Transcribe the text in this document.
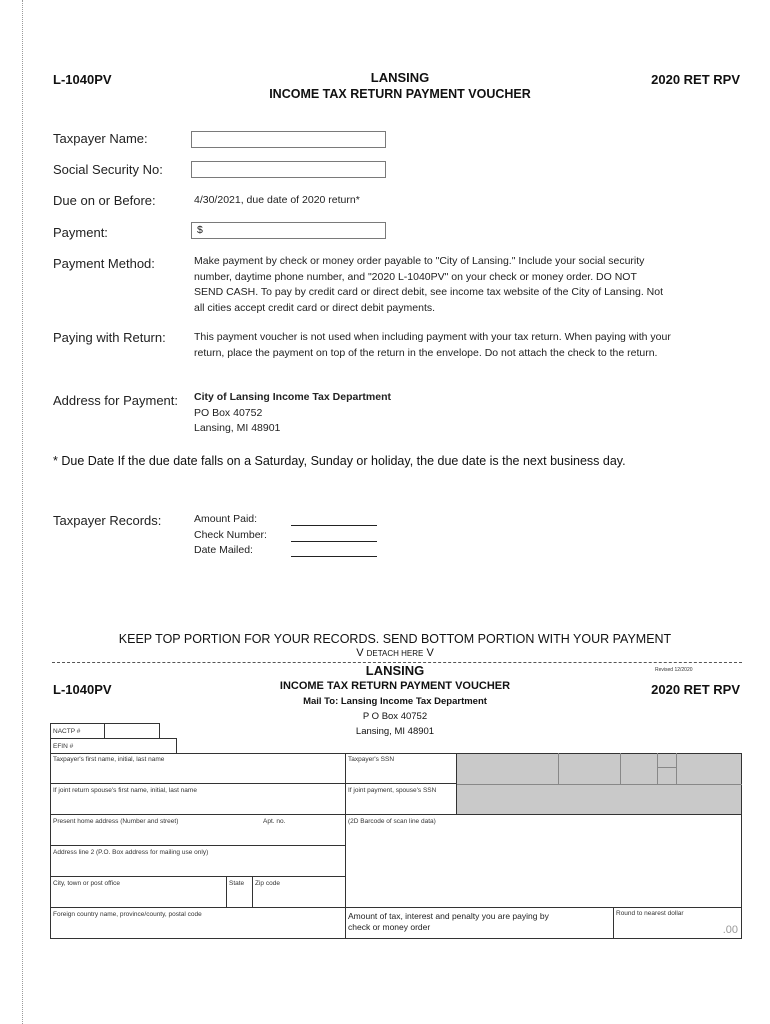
L-1040PV	LANSING
INCOME TAX RETURN PAYMENT VOUCHER
2020 RET RPV
Taxpayer Name:
Social Security No:
Due on or Before:	4/30/2021, due date of 2020 return*
Payment:	$
Payment Method:	Make payment by check or money order payable to "City of Lansing." Include your social security
number, daytime phone number, and "2020 L-1040PV" on your check or money order. DO NOT
SEND CASH. To pay by credit card or direct debit, see income tax website of the City of Lansing. Not
all cities accept credit card or direct debit payments.
Paying with Return:	This payment voucher is not used when including payment with your tax return. When paying with your
return, place the payment on top of the return in the envelope. Do not attach the check to the return.
Address for Payment: City of Lansing Income Tax Department
PO Box 40752
Lansing, MI 48901
* Due Date If the due date falls on a Saturday, Sunday or holiday, the due date is the next business day.
Taxpayer Records:	Amount Paid:
Check Number:
Date Mailed:
KEEP TOP PORTION FOR YOUR RECORDS. SEND BOTTOM PORTION WITH YOUR PAYMENT
V DETACH HERE V
LANSING	Revised 12/2020
L-1040PV	INCOME TAX RETURN PAYMENT VOUCHER	2020 RET RPV
Mail To: Lansing Income Tax Department
P O Box 40752
Lansing, MI 48901
NACTP #
EFIN #
Taxpayer's first name, initial, last name	Taxpayer's SSN
If joint return spouse's first name, initial, last name	If joint payment, spouse's SSN
Present home address (Number and street)	Apt. no.	(2D Barcode of scan line data)
Address line 2 (P.O. Box address for mailing use only)
City, town or post office	State Zip code
Foreign country name, province/county, postal code	Amount of tax, interest and penalty you are paying by
check or money order
Round to nearest dollar
.00
